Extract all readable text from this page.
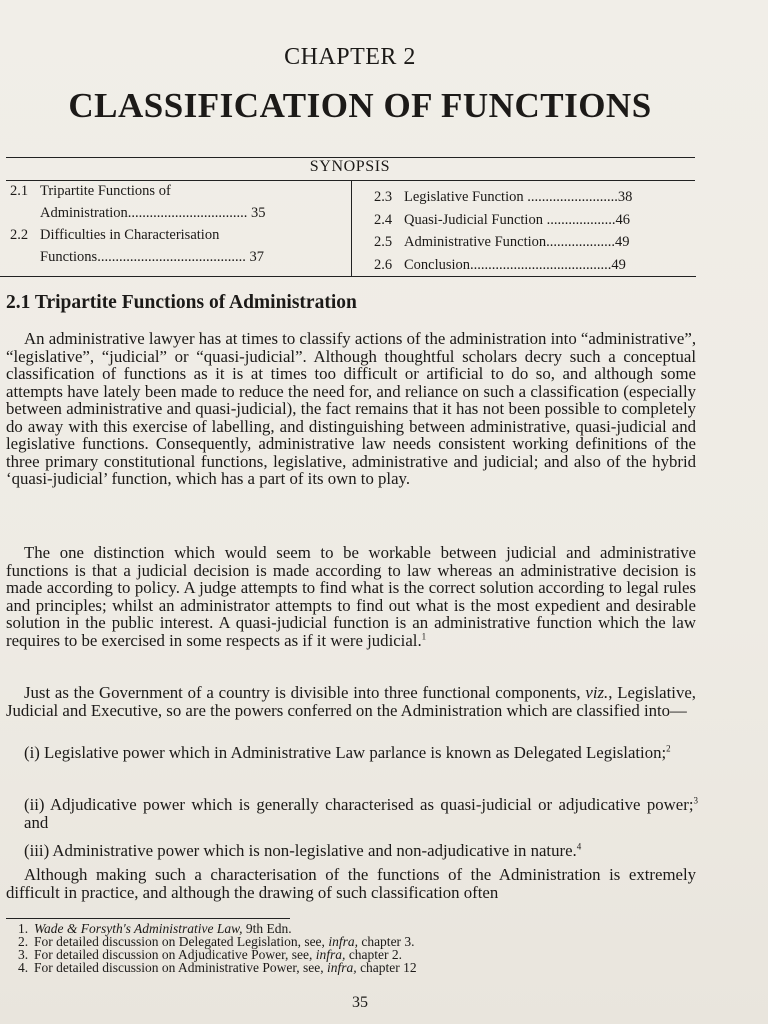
CHAPTER 2
CLASSIFICATION OF FUNCTIONS
SYNOPSIS
2.1 Tripartite Functions of
Administration................................. 35
2.2 Difficulties in Characterisation
Functions......................................... 37
2.3 Legislative Function .........................38
2.4 Quasi-Judicial Function ...................46
2.5 Administrative Function...................49
2.6 Conclusion.......................................49
2.1 Tripartite Functions of Administration

An administrative lawyer has at times to classify actions of the administration into “administrative”, “legislative”, “judicial” or “quasi-judicial”. Although thoughtful scholars decry such a conceptual classification of functions as it is at times too difficult or artificial to do so, and although some attempts have lately been made to reduce the need for, and reliance on such a classification (especially between administrative and quasi-judicial), the fact remains that it has not been possible to completely do away with this exercise of labelling, and distinguishing between administrative, quasi-judicial and legislative functions. Consequently, administrative law needs consistent working definitions of the three primary constitutional functions, legislative, administrative and judicial; and also of the hybrid ‘quasi-judicial’ function, which has a part of its own to play.

The one distinction which would seem to be workable between judicial and administrative functions is that a judicial decision is made according to law whereas an administrative decision is made according to policy. A judge attempts to find what is the correct solution according to legal rules and principles; whilst an administrator attempts to find out what is the most expedient and desirable solution in the public interest. A quasi-judicial function is an administrative function which the law requires to be exercised in some respects as if it were judicial.$^1$

Just as the Government of a country is divisible into three functional components, viz., Legislative, Judicial and Executive, so are the powers conferred on the Administration which are classified into—

(i) Legislative power which in Administrative Law parlance is known as Delegated Legislation;$^2$
(ii) Adjudicative power which is generally characterised as quasi-judicial or adjudicative power;$^3$ and
(iii) Administrative power which is non-legislative and non-adjudicative in nature.$^4$

Although making such a characterisation of the functions of the Administration is extremely difficult in practice, and although the drawing of such classification often

1. Wade & Forsyth's Administrative Law, 9th Edn.
2. For detailed discussion on Delegated Legislation, see, infra, chapter 3.
3. For detailed discussion on Adjudicative Power, see, infra, chapter 2.
4. For detailed discussion on Administrative Power, see, infra, chapter 12
35
